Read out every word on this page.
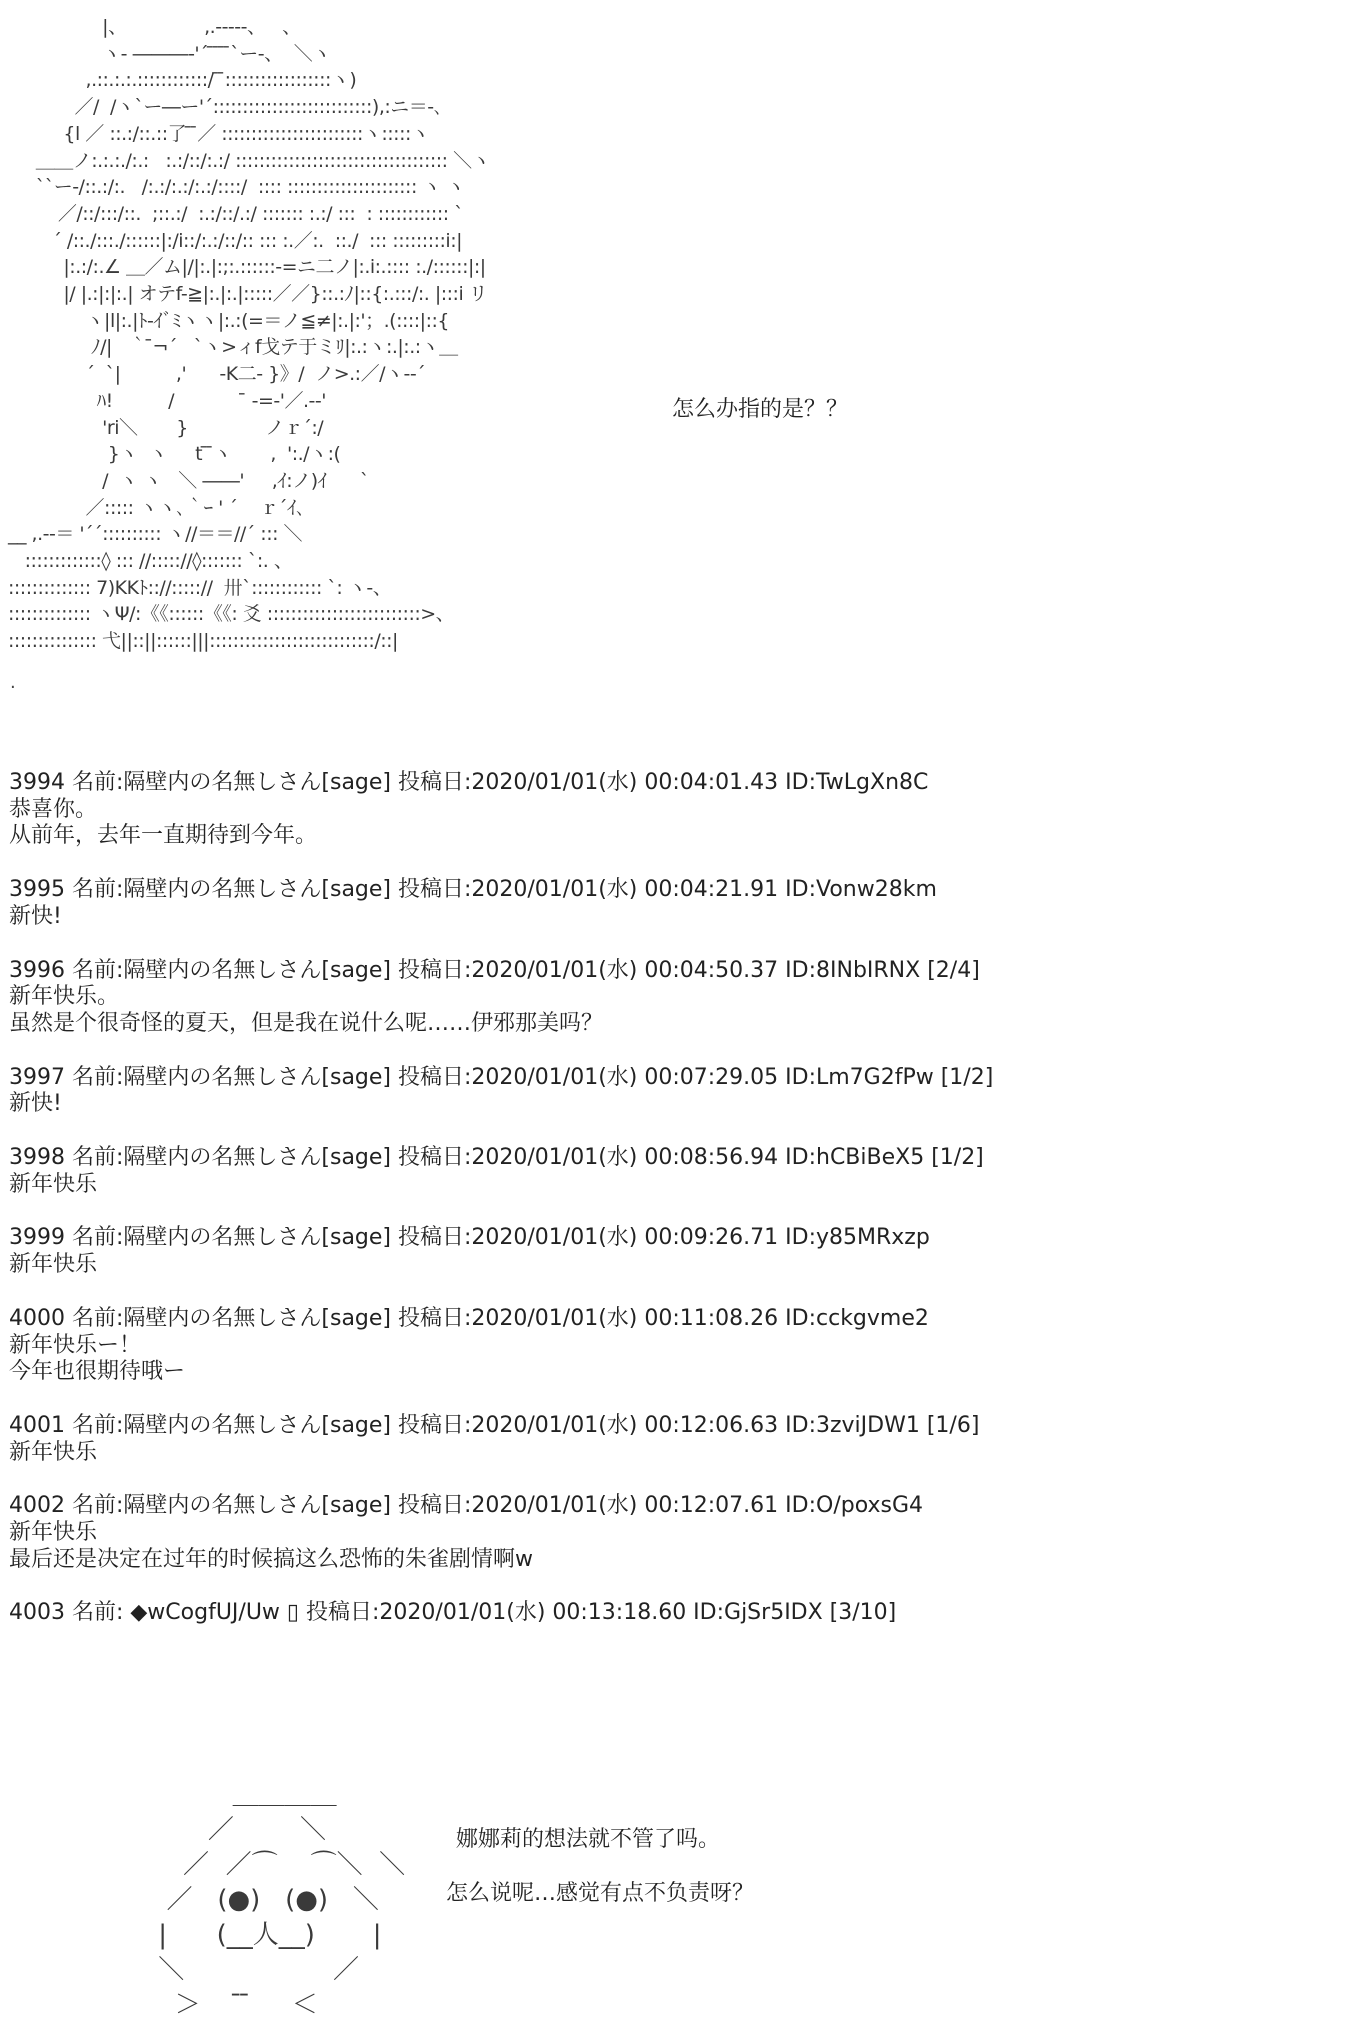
|、              ,.-‐‐‐-、   、
ヽ- ―――‐'´ ̄ ̄ ̄ ̄`ー-、  ＼ヽ
,.::.:.:.::::::::::::/ ̄ ̄::::::::::::::::::ヽ)
／/  /ヽ`ー―ー'´:::::::::::::::::::::::::::),:ニ＝-､
{l ／ ::.:/::.::了 ̄ ̄／ ::::::::::::::::::::::::ヽ:::::ヽ
＿＿ノ:.:.:./:.:   :.:/::/:.:/ :::::::::::::::::::::::::::::::::::: ＼ヽ
``ー-/::.:/:.   /:.:/:.:/:.:/::::/  :::: :::::::::::::::::::::: ヽ ヽ
／/::/:::/::.  ;::.:/  :.:/::/.:/ ::::::: :.:/ :::  : :::::::::::: `
´ /::./:::./::::::|:/i::/:.:/::/:: ::: :.／:.  ::./  ::: :::::::::i:|
|:.:/:.∠ ＿／ム|/|:.|:;:.::::::-=ニ二ノ|:.i:.:::: :./::::::|:|
|/ |.:|:|:.| オテf-≧|:.|:.|:::::／／}::.:ﾉ|::{:.:::/:. |:::i リ
ヽ|l|:.|ﾄ-ｲﾞﾐヽヽ|:.:(=＝ノ≦≠|:.|:'；.(::::|::{
ﾉ/|   ｀ ̄¬´   `ヽ>ィf戈テ于ミﾘ|:.:ヽ:.|:.:ヽ＿
´  `|          ,'      -K二- }》/  ノ>.:／/ヽ-‐´
ﾊ!          /             ̄ ‐=‐'／.-‐'
'ri＼       }              ノｒ´:/
}ヽ  ヽ     t ̄ ̄ヽ       ,  ':./ヽ:(
/  ヽ ヽ   ＼ ――'     ,ｲ:ノ)ｲ      `
／::::: ヽヽ､｀ｰ ' ´    ｒ´ｲ､
__ ,.-‐＝ '´´:::::::::: ヽ//＝＝//´ ::: ＼
:::::::::::::◊ ::: //::::://◊::::::: `:. 、
:::::::::::::: 7)KKﾄ:://::::://  卅`:::::::::::: `: ヽ-、
:::::::::::::: ヽΨ/:《《::::::《《: 爻 ::::::::::::::::::::::::::>、
::::::::::::::: 弋||::||::::::|||::::::::::::::::::::::::::::/::|
怎么办指的是？？
.
3994 名前:隔壁内の名無しさん[sage] 投稿日:2020/01/01(水) 00:04:01.43 ID:TwLgXn8C
恭喜你。
从前年，去年一直期待到今年。
3995 名前:隔壁内の名無しさん[sage] 投稿日:2020/01/01(水) 00:04:21.91 ID:Vonw28km
新快!
3996 名前:隔壁内の名無しさん[sage] 投稿日:2020/01/01(水) 00:04:50.37 ID:8INbIRNX [2/4]
新年快乐。
虽然是个很奇怪的夏天，但是我在说什么呢……伊邪那美吗？
3997 名前:隔壁内の名無しさん[sage] 投稿日:2020/01/01(水) 00:07:29.05 ID:Lm7G2fPw [1/2]
新快!
3998 名前:隔壁内の名無しさん[sage] 投稿日:2020/01/01(水) 00:08:56.94 ID:hCBiBeX5 [1/2]
新年快乐
3999 名前:隔壁内の名無しさん[sage] 投稿日:2020/01/01(水) 00:09:26.71 ID:y85MRxzp
新年快乐
4000 名前:隔壁内の名無しさん[sage] 投稿日:2020/01/01(水) 00:11:08.26 ID:cckgvme2
新年快乐ー！
今年也很期待哦ー
4001 名前:隔壁内の名無しさん[sage] 投稿日:2020/01/01(水) 00:12:06.63 ID:3zviJDW1 [1/6]
新年快乐
4002 名前:隔壁内の名無しさん[sage] 投稿日:2020/01/01(水) 00:12:07.61 ID:O/poxsG4
新年快乐
最后还是决定在过年的时候搞这么恐怖的朱雀剧情啊w
4003 名前: ◆wCogfUJ/Uw ▯ 投稿日:2020/01/01(水) 00:13:18.60 ID:GjSr5IDX [3/10]
＿＿＿＿
／        ＼
／  ／⌒    ⌒＼  ＼
／   (●)   (●)   ＼
|      (__人__)       |
＼                  ／
＞     ̄ ̄     ＜
娜娜莉的想法就不管了吗。
怎么说呢…感觉有点不负责呀？
